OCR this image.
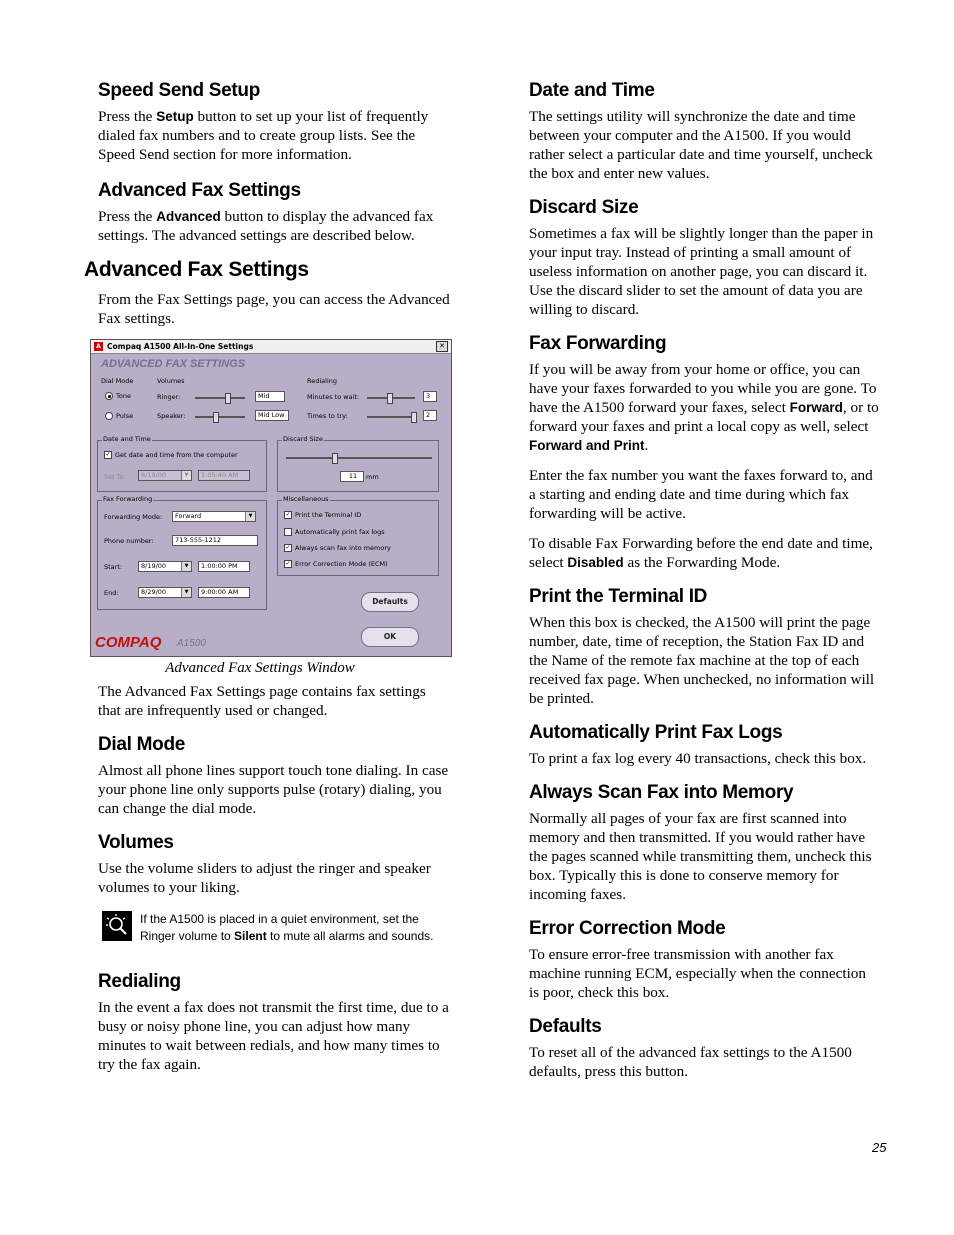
Speed Send Setup

Press the Setup button to set up your list of frequently dialed fax numbers and to create group lists. See the Speed Send section for more information.

Advanced Fax Settings

Press the Advanced button to display the advanced fax settings. The advanced settings are described below.

Advanced Fax Settings

From the Fax Settings page, you can access the Advanced Fax settings.

A Compaq A1500 All-In-One Settings	✕
ADVANCED FAX SETTINGS
Dial Mode
Tone
Pulse
Volumes
Ringer:	Mid
Speaker:	Mid Low
Redialing
Minutes to wait:	3
Times to try:	2
Date and Time
✓ Get date and time from the computer
Set To:	8/19/00	▼	1:05:40 AM
Discard Size
11	mm
Fax Forwarding
Forwarding Mode:	Forward	▼
Phone number:	713-555-1212
Start:	8/19/00	▼	1:00:00 PM
End:	8/29/00	▼	9:00:00 AM
Miscellaneous
✓ Print the Terminal ID
Automatically print fax logs
✓ Always scan fax into memory
✓ Error Correction Mode (ECM)
Defaults
OK
COMPAQ A1500
Advanced Fax Settings Window

The Advanced Fax Settings page contains fax settings that are infrequently used or changed.

Dial Mode

Almost all phone lines support touch tone dialing. In case your phone line only supports pulse (rotary) dialing, you can change the dial mode.

Volumes

Use the volume sliders to adjust the ringer and speaker volumes to your liking.

If the A1500 is placed in a quiet environment, set the Ringer volume to Silent to mute all alarms and sounds.
Redialing

In the event a fax does not transmit the first time, due to a busy or noisy phone line, you can adjust how many minutes to wait between redials, and how many times to try the fax again.

Date and Time

The settings utility will synchronize the date and time between your computer and the A1500. If you would rather select a particular date and time yourself, uncheck the box and enter new values.

Discard Size

Sometimes a fax will be slightly longer than the paper in your input tray. Instead of printing a small amount of useless information on another page, you can discard it. Use the discard slider to set the amount of data you are willing to discard.

Fax Forwarding

If you will be away from your home or office, you can have your faxes forwarded to you while you are gone. To have the A1500 forward your faxes, select Forward, or to forward your faxes and print a local copy as well, select Forward and Print.

Enter the fax number you want the faxes forward to, and a starting and ending date and time during which fax forwarding will be active.

To disable Fax Forwarding before the end date and time, select Disabled as the Forwarding Mode.

Print the Terminal ID

When this box is checked, the A1500 will print the page number, date, time of reception, the Station Fax ID and the Name of the remote fax machine at the top of each received fax page. When unchecked, no information will be printed.

Automatically Print Fax Logs

To print a fax log every 40 transactions, check this box.

Always Scan Fax into Memory

Normally all pages of your fax are first scanned into memory and then transmitted. If you would rather have the pages scanned while transmitting them, uncheck this box. Typically this is done to conserve memory for incoming faxes.

Error Correction Mode

To ensure error-free transmission with another fax machine running ECM, especially when the connection is poor, check this box.

Defaults

To reset all of the advanced fax settings to the A1500 defaults, press this button.

25
